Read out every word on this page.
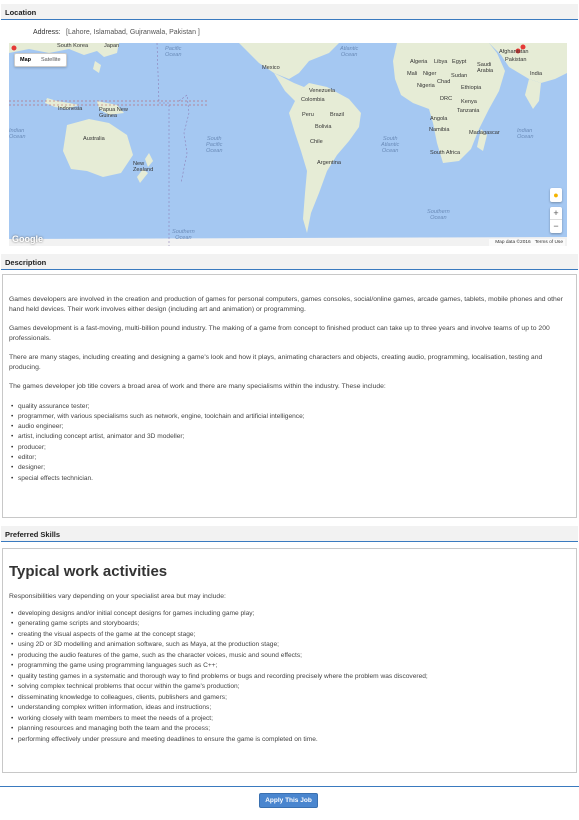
Location
Address: [Lahore, Islamabad, Gujranwala, Pakistan ]
Pacific
Ocean
Atlantic
Ocean
South
Pacific
Ocean
South
Atlantic
Ocean
Indian
Ocean
Indian
Ocean
Southern
Ocean
Southern
Ocean
South Korea	Japan
Indonesia	Papua New
Guinea
Australia
New
Zealand
Mexico
Venezuela
Colombia
Peru	Brazil
Bolivia
Chile
Argentina
Algeria Libya Egypt Saudi
Arabia
Mali Niger	Sudan
Chad
Nigeria	Ethiopia
DRC Kenya
Tanzania
Angola
Namibia	Madagascar
South Africa
Afghanistan
Pakistan
India
Map	Satellite
●
+
−
Google	Map data ©2016 Terms of Use
Description

Games developers are involved in the creation and production of games for personal computers, games consoles, social/online games, arcade games, tablets, mobile phones and other hand held devices. Their work involves either design (including art and animation) or programming.

Games development is a fast-moving, multi-billion pound industry. The making of a game from concept to finished product can take up to three years and involve teams of up to 200 professionals.

There are many stages, including creating and designing a game's look and how it plays, animating characters and objects, creating audio, programming, localisation, testing and producing.

The games developer job title covers a broad area of work and there are many specialisms within the industry. These include:

• quality assurance tester;
• programmer, with various specialisms such as network, engine, toolchain and artificial intelligence;
• audio engineer;
• artist, including concept artist, animator and 3D modeller;
• producer;
• editor;
• designer;
• special effects technician.
Preferred Skills
Typical work activities

Responsibilities vary depending on your specialist area but may include:

• developing designs and/or initial concept designs for games including game play;
• generating game scripts and storyboards;
• creating the visual aspects of the game at the concept stage;
• using 2D or 3D modelling and animation software, such as Maya, at the production stage;
• producing the audio features of the game, such as the character voices, music and sound effects;
• programming the game using programming languages such as C++;
• quality testing games in a systematic and thorough way to find problems or bugs and recording precisely where the problem was discovered;
• solving complex technical problems that occur within the game's production;
• disseminating knowledge to colleagues, clients, publishers and gamers;
• understanding complex written information, ideas and instructions;
• working closely with team members to meet the needs of a project;
• planning resources and managing both the team and the process;
• performing effectively under pressure and meeting deadlines to ensure the game is completed on time.
Apply This Job
